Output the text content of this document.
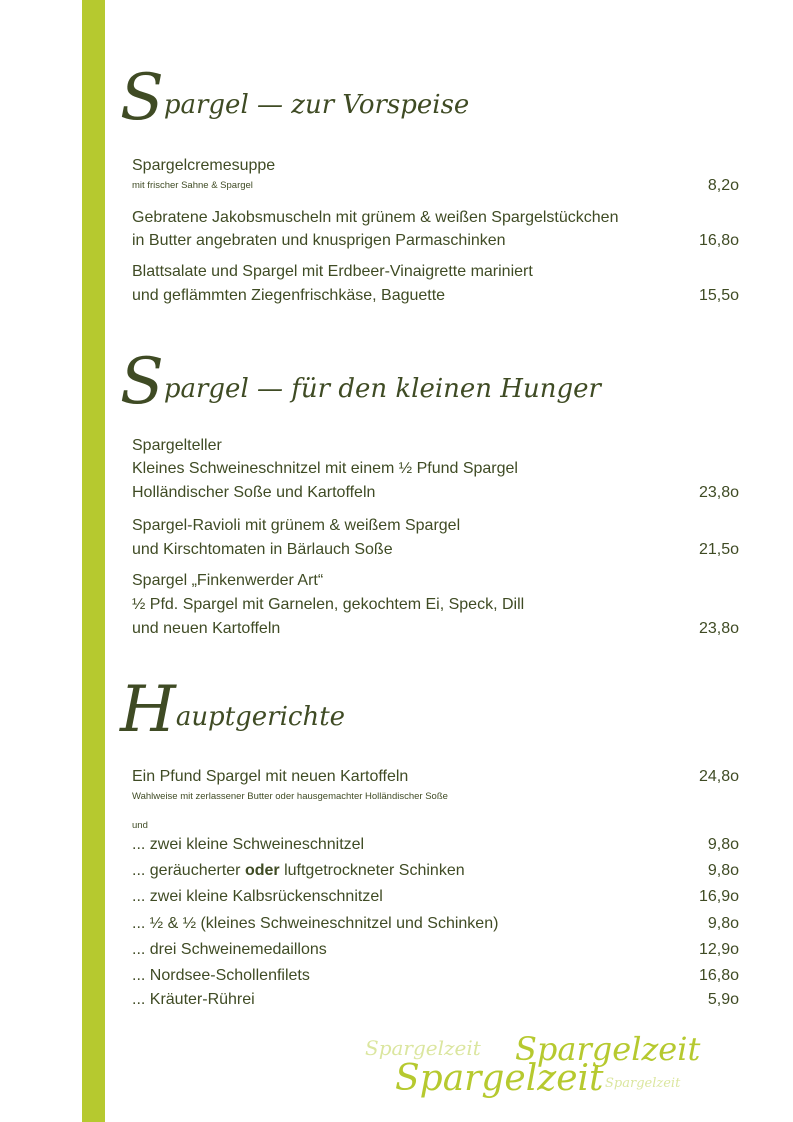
Spargel — zur Vorspeise
Spargelcremesuppe
mit frischer Sahne & Spargel	8,2o
Gebratene Jakobsmuscheln mit grünem & weißen Spargelstückchen
in Butter angebraten und knusprigen Parmaschinken	16,8o
Blattsalate und Spargel mit Erdbeer-Vinaigrette mariniert
und geflämmten Ziegenfrischkäse, Baguette	15,5o
Spargel — für den kleinen Hunger
Spargelteller
Kleines Schweineschnitzel mit einem ½ Pfund Spargel
Holländischer Soße und Kartoffeln	23,8o
Spargel-Ravioli mit grünem & weißem Spargel
und Kirschtomaten in Bärlauch Soße	21,5o
Spargel „Finkenwerder Art“
½ Pfd. Spargel mit Garnelen, gekochtem Ei, Speck, Dill
und neuen Kartoffeln	23,8o
Hauptgerichte
Ein Pfund Spargel mit neuen Kartoffeln	24,8o
Wahlweise mit zerlassener Butter oder hausgemachter Holländischer Soße
und
... zwei kleine Schweineschnitzel	9,8o
... geräucherter oder luftgetrockneter Schinken	9,8o
... zwei kleine Kalbsrückenschnitzel	16,9o
... ½ & ½ (kleines Schweineschnitzel und Schinken)	9,8o
... drei Schweinemedaillons	12,9o
... Nordsee-Schollenfilets	16,8o
... Kräuter-Rührei	5,9o
Spargelzeit
Spargelzeit
Spargelzeit
Spargelzeit
